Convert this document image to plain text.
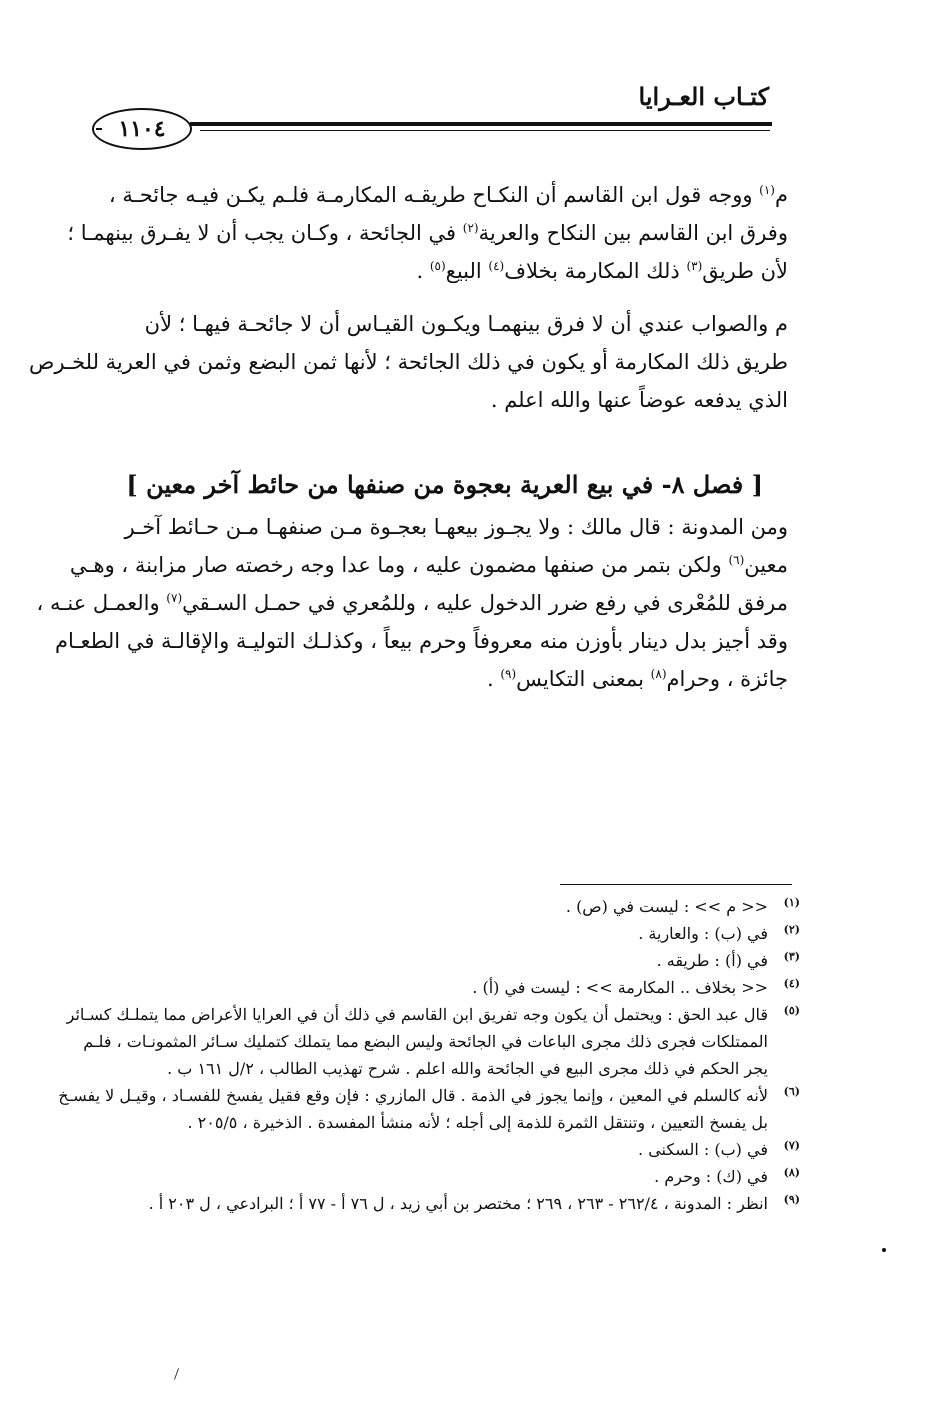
كتـاب العـرايا
١١٠٤
م$^{(١)}$ ووجه قول ابن القاسم أن النكـاح طريقـه المكارمـة فلـم يكـن فيـه جائحـة ،
وفرق ابن القاسم بين النكاح والعرية$^{(٢)}$ في الجائحة ، وكـان يجب أن لا يفـرق بينهمـا ؛
لأن طريق$^{(٣)}$ ذلك المكارمة بخلاف$^{(٤)}$ البيع$^{(٥)}$ .
م والصواب عندي أن لا فرق بينهمـا ويكـون القيـاس أن لا جائحـة فيهـا ؛ لأن
طريق ذلك المكارمة أو يكون في ذلك الجائحة ؛ لأنها ثمن البضع وثمن في العرية للخـرص
الذي يدفعه عوضاً عنها والله اعلم .
[ فصل ٨- في بيع العرية بعجوة من صنفها من حائط آخر معين ]
ومن المدونة : قال مالك : ولا يجـوز بيعهـا بعجـوة مـن صنفهـا مـن حـائط آخـر
معين$^{(٦)}$ ولكن بتمر من صنفها مضمون عليه ، وما عدا وجه رخصته صار مزابنة ، وهـي
مرفق للمُعْرى في رفع ضرر الدخول عليه ، وللمُعري في حمـل السـقي$^{(٧)}$ والعمـل عنـه ،
وقد أجيز بدل دينار بأوزن منه معروفاً وحرم بيعاً ، وكذلـك التوليـة والإقالـة في الطعـام
جائزة ، وحرام$^{(٨)}$ بمعنى التكايس$^{(٩)}$ .
(١)
<< م >> : ليست في (ص) .
(٢)
في (ب) : والعارية .
(٣)
في (أ) : طريقه .
(٤)
<< بخلاف .. المكارمة >> : ليست في (أ) .
(٥)
قال عبد الحق : ويحتمل أن يكون وجه تفريق ابن القاسم في ذلك أن في العرايا الأعراض مما يتملـك كسـائر
الممتلكات فجرى ذلك مجرى الباعات في الجائحة وليس البضع مما يتملك كتمليك سـائر المثمونـات ، فلـم
يجر الحكم في ذلك مجرى البيع في الجائحة والله اعلم . شرح تهذيب الطالب ، ٢/ل ١٦١ ب .
(٦)
لأنه كالسلم في المعين ، وإنما يجوز في الذمة . قال المازري : فإن وقع فقيل يفسخ للفسـاد ، وقيـل لا يفسـخ
بل يفسخ التعيين ، وتنتقل الثمرة للذمة إلى أجله ؛ لأنه منشأ المفسدة . الذخيرة ، ٢٠٥/٥ .
(٧)
في (ب) : السكنى .
(٨)
في (ك) : وحرم .
(٩)
انظر : المدونة ، ٢٦٢/٤ - ٢٦٣ ، ٢٦٩ ؛ مختصر بن أبي زيد ، ل ٧٦ أ - ٧٧ أ ؛ البرادعي ، ل ٢٠٣ أ .
